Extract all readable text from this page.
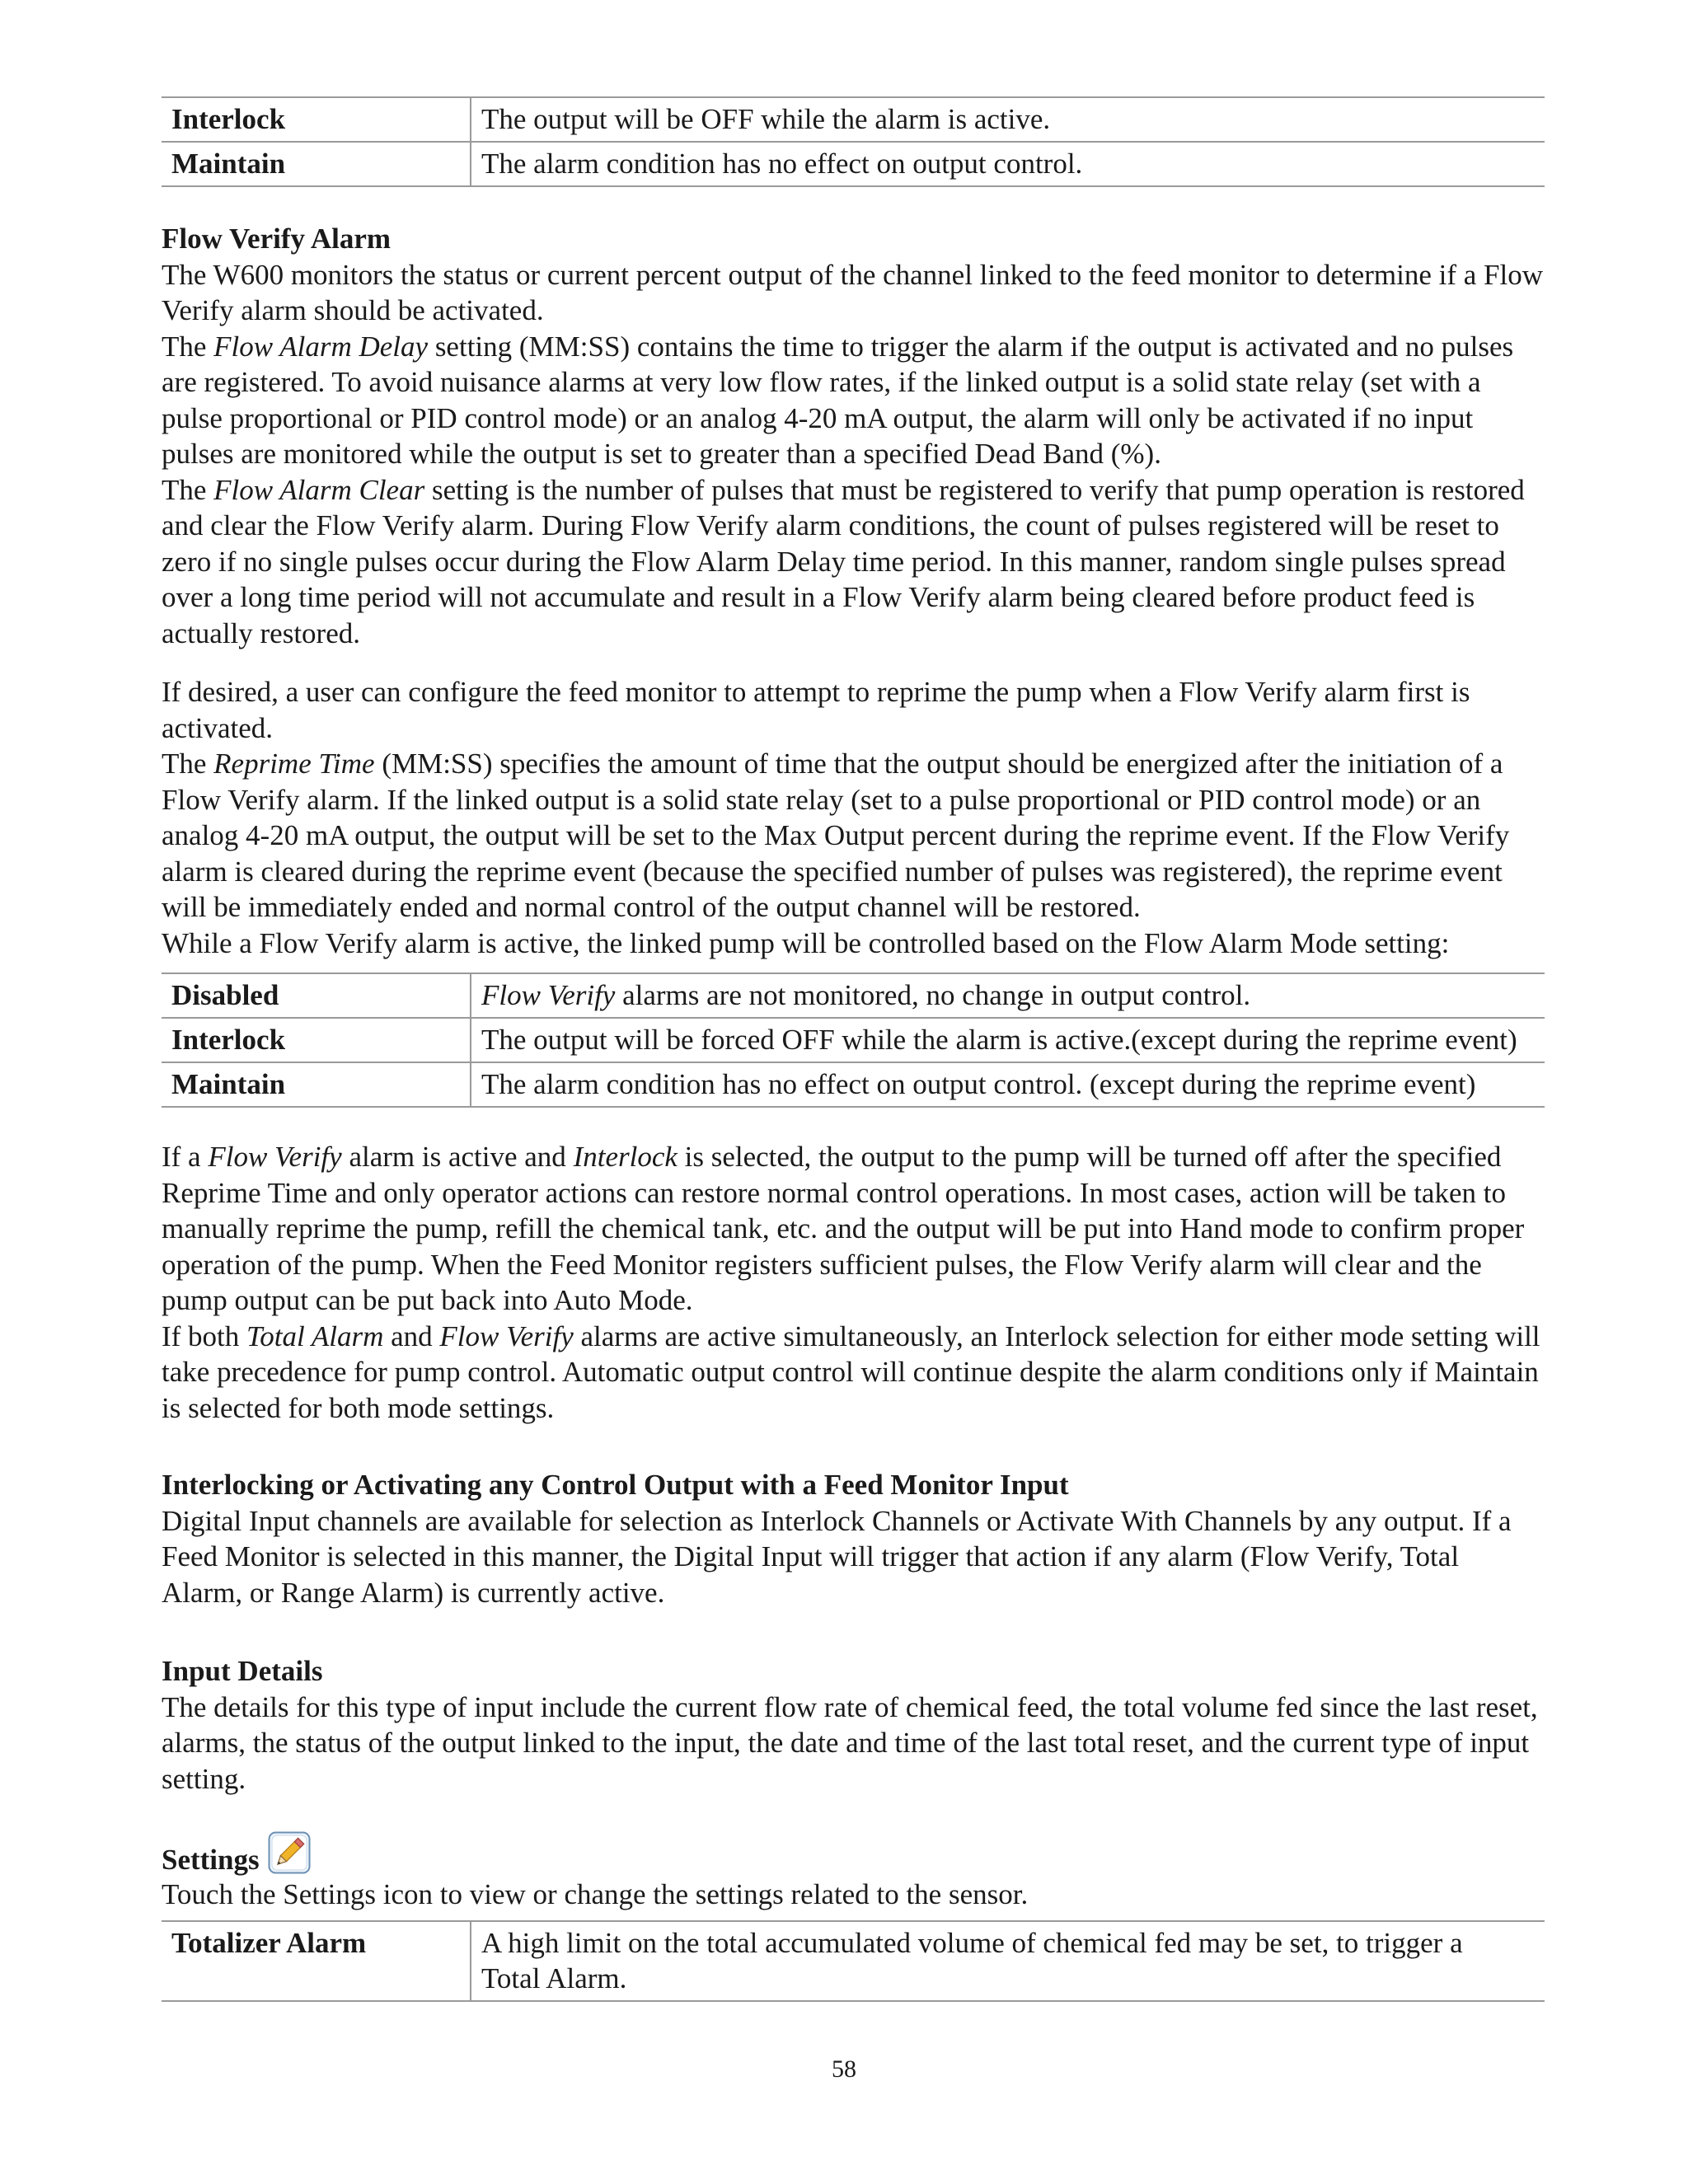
Interlock	The output will be OFF while the alarm is active.
Maintain	The alarm condition has no effect on output control.

Flow Verify Alarm

The W600 monitors the status or current percent output of the channel linked to the feed monitor to determine if a Flow Verify alarm should be activated.

The Flow Alarm Delay setting (MM:SS) contains the time to trigger the alarm if the output is activated and no pulses are registered. To avoid nuisance alarms at very low flow rates, if the linked output is a solid state relay (set with a pulse proportional or PID control mode) or an analog 4-20 mA output, the alarm will only be activated if no input pulses are monitored while the output is set to greater than a specified Dead Band (%).

The Flow Alarm Clear setting is the number of pulses that must be registered to verify that pump operation is restored and clear the Flow Verify alarm. During Flow Verify alarm conditions, the count of pulses registered will be reset to zero if no single pulses occur during the Flow Alarm Delay time period. In this manner, random single pulses spread over a long time period will not accumulate and result in a Flow Verify alarm being cleared before product feed is actually restored.

If desired, a user can configure the feed monitor to attempt to reprime the pump when a Flow Verify alarm first is activated.

The Reprime Time (MM:SS) specifies the amount of time that the output should be energized after the initiation of a Flow Verify alarm. If the linked output is a solid state relay (set to a pulse proportional or PID control mode) or an analog 4-20 mA output, the output will be set to the Max Output percent during the reprime event. If the Flow Verify alarm is cleared during the reprime event (because the specified number of pulses was registered), the reprime event will be immediately ended and normal control of the output channel will be restored.

While a Flow Verify alarm is active, the linked pump will be controlled based on the Flow Alarm Mode setting:

Disabled	Flow Verify alarms are not monitored, no change in output control.
Interlock	The output will be forced OFF while the alarm is active.(except during the reprime event)
Maintain	The alarm condition has no effect on output control. (except during the reprime event)

If a Flow Verify alarm is active and Interlock is selected, the output to the pump will be turned off after the specified Reprime Time and only operator actions can restore normal control operations. In most cases, action will be taken to manually reprime the pump, refill the chemical tank, etc. and the output will be put into Hand mode to confirm proper operation of the pump. When the Feed Monitor registers sufficient pulses, the Flow Verify alarm will clear and the pump output can be put back into Auto Mode.

If both Total Alarm and Flow Verify alarms are active simultaneously, an Interlock selection for either mode setting will take precedence for pump control. Automatic output control will continue despite the alarm conditions only if Maintain is selected for both mode settings.

Interlocking or Activating any Control Output with a Feed Monitor Input

Digital Input channels are available for selection as Interlock Channels or Activate With Channels by any output. If a Feed Monitor is selected in this manner, the Digital Input will trigger that action if any alarm (Flow Verify, Total Alarm, or Range Alarm) is currently active.

Input Details

The details for this type of input include the current flow rate of chemical feed, the total volume fed since the last reset, alarms, the status of the output linked to the input, the date and time of the last total reset, and the current type of input setting.

Settings

Touch the Settings icon to view or change the settings related to the sensor.

Totalizer Alarm	A high limit on the total accumulated volume of chemical fed may be set, to trigger a Total Alarm.
58
